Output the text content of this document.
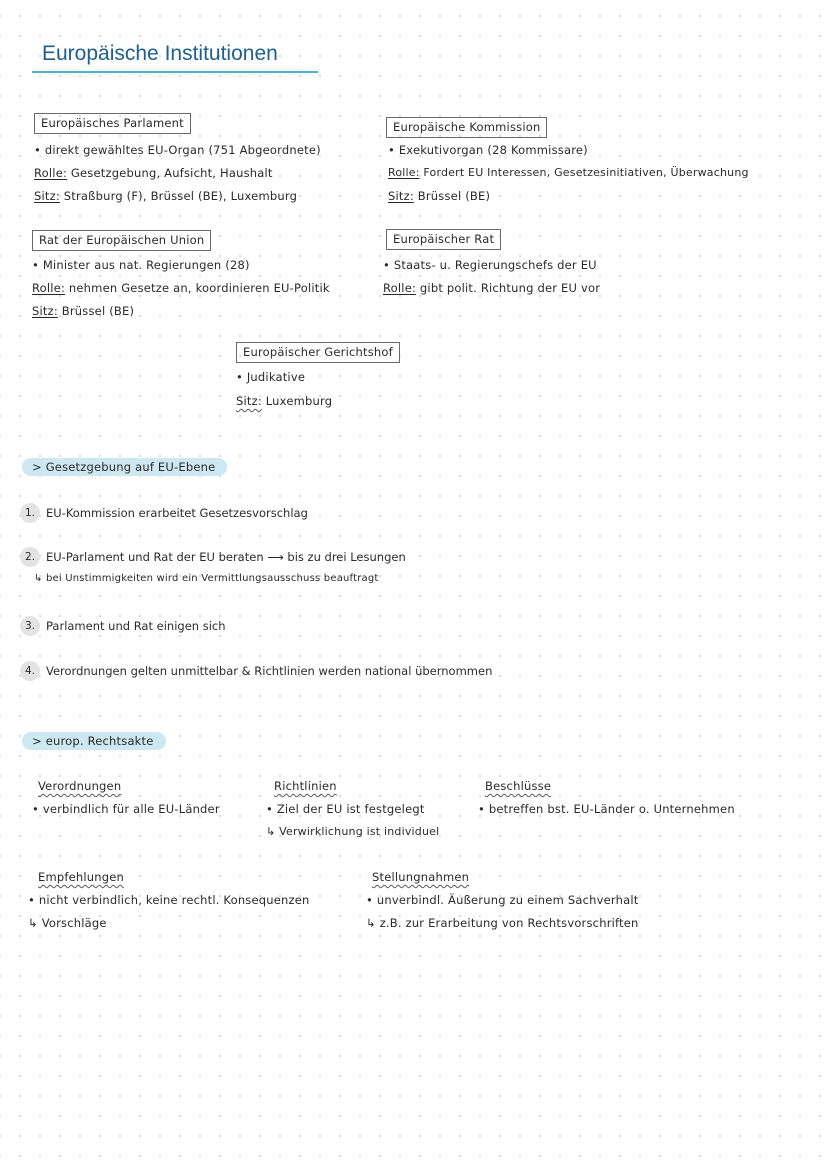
Europäische Institutionen
Europäisches Parlament
• direkt gewähltes EU-Organ (751 Abgeordnete)
Rolle: Gesetzgebung, Aufsicht, Haushalt
Sitz: Straßburg (F), Brüssel (BE), Luxemburg
Europäische Kommission
• Exekutivorgan (28 Kommissare)
Rolle: Fordert EU Interessen, Gesetzesinitiativen, Überwachung
Sitz: Brüssel (BE)
Rat der Europäischen Union
• Minister aus nat. Regierungen (28)
Rolle: nehmen Gesetze an, koordinieren EU-Politik
Sitz: Brüssel (BE)
Europäischer Rat
• Staats- u. Regierungschefs der EU
Rolle: gibt polit. Richtung der EU vor
Europäischer Gerichtshof
• Judikative
Sitz: Luxemburg
> Gesetzgebung auf EU-Ebene
1. EU-Kommission erarbeitet Gesetzesvorschlag
2. EU-Parlament und Rat der EU beraten ⟶ bis zu drei Lesungen
↳ bei Unstimmigkeiten wird ein Vermittlungsausschuss beauftragt
3. Parlament und Rat einigen sich
4. Verordnungen gelten unmittelbar & Richtlinien werden national übernommen
> europ. Rechtsakte
Verordnungen
• verbindlich für alle EU-Länder
Richtlinien
• Ziel der EU ist festgelegt
↳ Verwirklichung ist individuel
Beschlüsse
• betreffen bst. EU-Länder o. Unternehmen
Empfehlungen
• nicht verbindlich, keine rechtl. Konsequenzen
↳ Vorschläge
Stellungnahmen
• unverbindl. Äußerung zu einem Sachverhalt
↳ z.B. zur Erarbeitung von Rechtsvorschriften
